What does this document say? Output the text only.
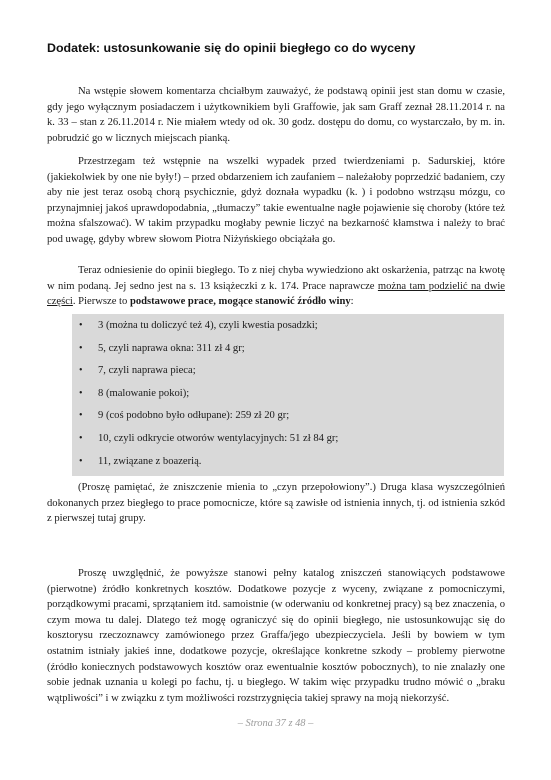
Dodatek: ustosunkowanie się do opinii biegłego co do wyceny

Na wstępie słowem komentarza chciałbym zauważyć, że podstawą opinii jest stan domu w czasie, gdy jego wyłącznym posiadaczem i użytkownikiem byli Graffowie, jak sam Graff zeznał 28.11.2014 r. na k. 33 – stan z 26.11.2014 r. Nie miałem wtedy od ok. 30 godz. dostępu do domu, co wystarczało, by m. in. pobrudzić go w licznych miejscach pianką.

Przestrzegam też wstępnie na wszelki wypadek przed twierdzeniami p. Sadurskiej, które (jakiekolwiek by one nie były!) – przed obdarzeniem ich zaufaniem – należałoby poprzedzić badaniem, czy aby nie jest teraz osobą chorą psychicznie, gdyż doznała wypadku (k. ) i podobno wstrząsu mózgu, co przynajmniej jakoś uprawdopodabnia, „tłumaczy” takie ewentualne nagłe pojawienie się choroby (które też można sfalszować). W takim przypadku mogłaby pewnie liczyć na bezkarność kłamstwa i należy to brać pod uwagę, gdyby wbrew słowom Piotra Niżyńskiego obciążała go.

Teraz odniesienie do opinii biegłego. To z niej chyba wywiedziono akt oskarżenia, patrząc na kwotę w nim podaną. Jej sedno jest na s. 13 książeczki z k. 174. Prace naprawcze można tam podzielić na dwie części. Pierwsze to podstawowe prace, mogące stanowić źródło winy:

• 3 (można tu doliczyć też 4), czyli kwestia posadzki;
• 5, czyli naprawa okna: 311 zł 4 gr;
• 7, czyli naprawa pieca;
• 8 (malowanie pokoi);
• 9 (coś podobno było odłupane): 259 zł 20 gr;
• 10, czyli odkrycie otworów wentylacyjnych: 51 zł 84 gr;
• 11, związane z boazerią.

(Proszę pamiętać, że zniszczenie mienia to „czyn przepołowiony”.) Druga klasa wyszczególnień dokonanych przez biegłego to prace pomocnicze, które są zawisłe od istnienia innych, tj. od istnienia szkód z pierwszej tutaj grupy.

Proszę uwzględnić, że powyższe stanowi pełny katalog zniszczeń stanowiących podstawowe (pierwotne) źródło konkretnych kosztów. Dodatkowe pozycje z wyceny, związane z pomocniczymi, porządkowymi pracami, sprzątaniem itd. samoistnie (w oderwaniu od konkretnej pracy) są bez znaczenia, o czym mowa tu dalej. Dlatego też mogę ograniczyć się do opinii biegłego, nie ustosunkowując się do kosztorysu rzeczoznawcy zamówionego przez Graffa/jego ubezpieczyciela. Jeśli by bowiem w tym ostatnim istniały jakieś inne, dodatkowe pozycje, określające konkretne szkody – problemy pierwotne (źródło koniecznych podstawowych kosztów oraz ewentualnie kosztów pobocznych), to nie znalazły one sobie jednak uznania u kolegi po fachu, tj. u biegłego. W takim więc przypadku trudno mówić o „braku wątpliwości” i w związku z tym możliwości rozstrzygnięcia takiej sprawy na moją niekorzyść.

– Strona 37 z 48 –
